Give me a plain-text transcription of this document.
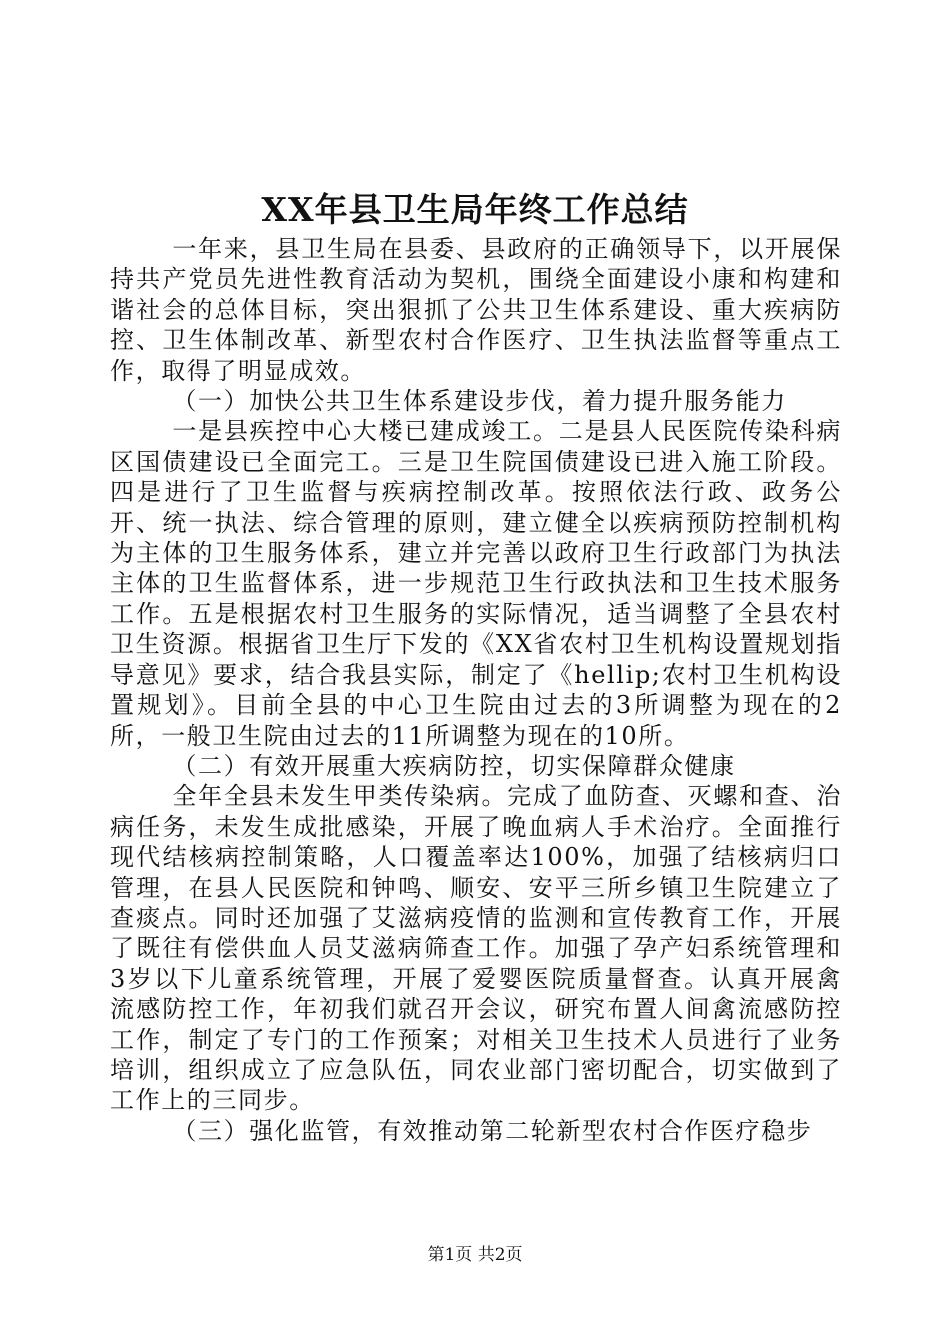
XX年县卫生局年终工作总结

一年来，县卫生局在县委、县政府的正确领导下，以开展保持共产党员先进性教育活动为契机，围绕全面建设小康和构建和谐社会的总体目标，突出狠抓了公共卫生体系建设、重大疾病防控、卫生体制改革、新型农村合作医疗、卫生执法监督等重点工作，取得了明显成效。

（一）加快公共卫生体系建设步伐，着力提升服务能力

一是县疾控中心大楼已建成竣工。二是县人民医院传染科病区国债建设已全面完工。三是卫生院国债建设已进入施工阶段。四是进行了卫生监督与疾病控制改革。按照依法行政、政务公开、统一执法、综合管理的原则，建立健全以疾病预防控制机构为主体的卫生服务体系，建立并完善以政府卫生行政部门为执法主体的卫生监督体系，进一步规范卫生行政执法和卫生技术服务工作。五是根据农村卫生服务的实际情况，适当调整了全县农村卫生资源。根据省卫生厅下发的《XX省农村卫生机构设置规划指导意见》要求，结合我县实际，制定了《hellip;农村卫生机构设置规划》。目前全县的中心卫生院由过去的3所调整为现在的2所，一般卫生院由过去的11所调整为现在的10所。

（二）有效开展重大疾病防控，切实保障群众健康

全年全县未发生甲类传染病。完成了血防查、灭螺和查、治病任务，未发生成批感染，开展了晚血病人手术治疗。全面推行现代结核病控制策略，人口覆盖率达100%，加强了结核病归口管理，在县人民医院和钟鸣、顺安、安平三所乡镇卫生院建立了查痰点。同时还加强了艾滋病疫情的监测和宣传教育工作，开展了既往有偿供血人员艾滋病筛查工作。加强了孕产妇系统管理和3岁以下儿童系统管理，开展了爱婴医院质量督查。认真开展禽流感防控工作，年初我们就召开会议，研究布置人间禽流感防控工作，制定了专门的工作预案；对相关卫生技术人员进行了业务培训，组织成立了应急队伍，同农业部门密切配合，切实做到了工作上的三同步。

（三）强化监管，有效推动第二轮新型农村合作医疗稳步

第1页 共2页
